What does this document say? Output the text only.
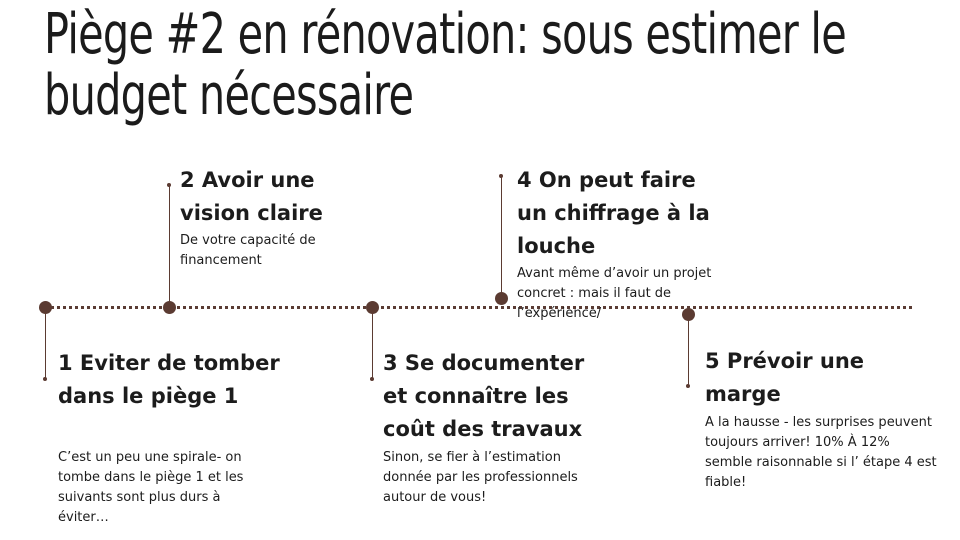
Piège #2 en rénovation: sous estimer le budget nécessaire
1 Eviter de tomber dans le piège 1

C’est un peu une spirale- on tombe dans le piège 1 et les suivants sont plus durs à éviter…

2 Avoir une vision claire

De votre capacité de financement

3 Se documenter et connaître les coût des travaux

Sinon, se fier à l’estimation donnée par les professionnels autour de vous!

4 On peut faire un chiffrage à la louche

Avant même d’avoir un projet concret : mais il faut de l’expérience/

5 Prévoir une marge

A la hausse - les surprises peuvent toujours arriver! 10% À 12% semble raisonnable si l’ étape 4 est fiable!
